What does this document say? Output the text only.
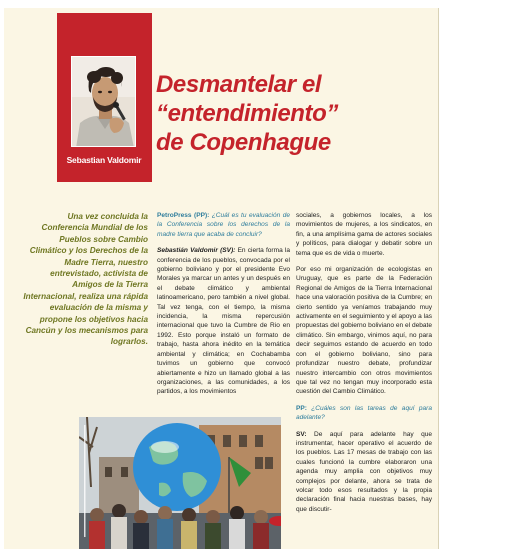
Sebastian Valdomir
Desmantelar el
“entendimiento”
de Copenhague
Una vez concluida la Conferencia Mundial de los Pueblos sobre Cambio Climático y los Derechos de la Madre Tierra, nuestro entrevistado, activista de Amigos de la Tierra Internacional, realiza una rápida evaluación de la misma y propone los objetivos hacia Cancún y los mecanismos para lograrlos.
PetroPress (PP): ¿Cuál es tu evaluación de la Conferencia sobre los derechos de la madre tierra que acaba de concluir?
Sebastián Valdomir (SV): En cierta forma la conferencia de los pueblos, convocada por el gobierno boliviano y por el presidente Evo Morales ya marcar un antes y un después en el debate climático y ambiental latinoamericano, pero también a nivel global. Tal vez tenga, con el tiempo, la misma incidencia, la misma repercusión internacional que tuvo la Cumbre de Rio en 1992. Esto porque instaló un formato de trabajo, hasta ahora inédito en la temática ambiental y climática; en Cochabamba tuvimos un gobierno que convocó abiertamente e hizo un llamado global a las organizaciones, a las comunidades, a los partidos, a los movimientos
sociales, a gobiernos locales, a los movimientos de mujeres, a los sindicatos, en fin, a una amplísima gama de actores sociales y políticos, para dialogar y debatir sobre un tema que es de vida o muerte.
Por eso mi organización de ecologistas en Uruguay, que es parte de la Federación Regional de Amigos de la Tierra Internacional hace una valoración positiva de la Cumbre; en cierto sentido ya veníamos trabajando muy activamente en el seguimiento y el apoyo a las propuestas del gobierno boliviano en el debate climático. Sin embargo, vinimos aquí, no para decir seguimos estando de acuerdo en todo con el gobierno boliviano, sino para profundizar nuestro debate, profundizar nuestro intercambio con otros movimientos que tal vez no tengan muy incorporado esta cuestión del Cambio Climático.
PP: ¿Cuáles son las tareas de aquí para adelante?
SV: De aquí para adelante hay que instrumentar, hacer operativo el acuerdo de los pueblos. Las 17 mesas de trabajo con las cuales funcionó la cumbre elaboraron una agenda muy amplia con objetivos muy complejos por delante, ahora se trata de volcar todo esos resultados y la propia declaración final hacia nuestras bases, hay que discutir-
